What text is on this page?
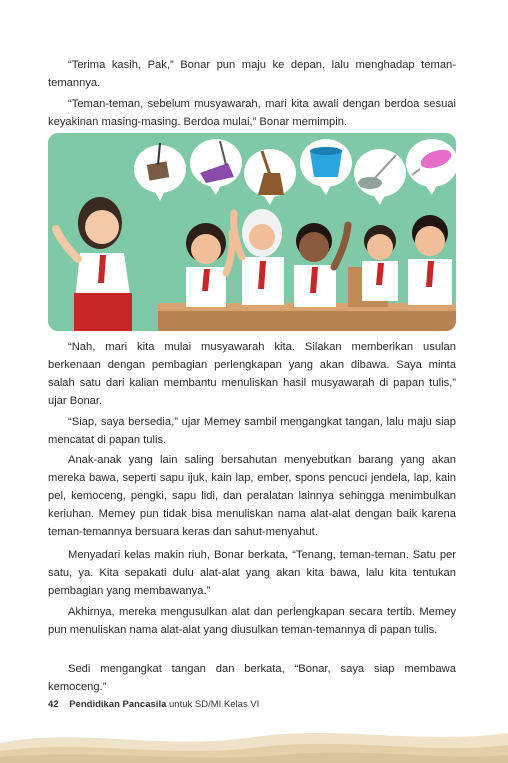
“Terima kasih, Pak,” Bonar pun maju ke depan, lalu menghadap teman-temannya.

“Teman-teman, sebelum musyawarah, mari kita awali dengan berdoa sesuai keyakinan masing-masing. Berdoa mulai,” Bonar memimpin.

“Nah, mari kita mulai musyawarah kita. Silakan memberikan usulan berkenaan dengan pembagian perlengkapan yang akan dibawa. Saya minta salah satu dari kalian membantu menuliskan hasil musyawarah di papan tulis,” ujar Bonar.

“Siap, saya bersedia,” ujar Memey sambil mengangkat tangan, lalu maju siap mencatat di papan tulis.

Anak-anak yang lain saling bersahutan menyebutkan barang yang akan mereka bawa, seperti sapu ijuk, kain lap, ember, spons pencuci jendela, lap, kain pel, kemoceng, pengki, sapu lidi, dan peralatan lainnya sehingga menimbulkan keriuhan. Memey pun tidak bisa menuliskan nama alat-alat dengan baik karena teman-temannya bersuara keras dan sahut-menyahut.

Menyadari kelas makin riuh, Bonar berkata, “Tenang, teman-teman. Satu per satu, ya. Kita sepakati dulu alat-alat yang akan kita bawa, lalu kita tentukan pembagian yang membawanya.”

Akhirnya, mereka mengusulkan alat dan perlengkapan secara tertib. Memey pun menuliskan nama alat-alat yang diusulkan teman-temannya di papan tulis.

Sedi mengangkat tangan dan berkata, “Bonar, saya siap membawa kemoceng.”

42 Pendidikan Pancasila untuk SD/MI Kelas VI
